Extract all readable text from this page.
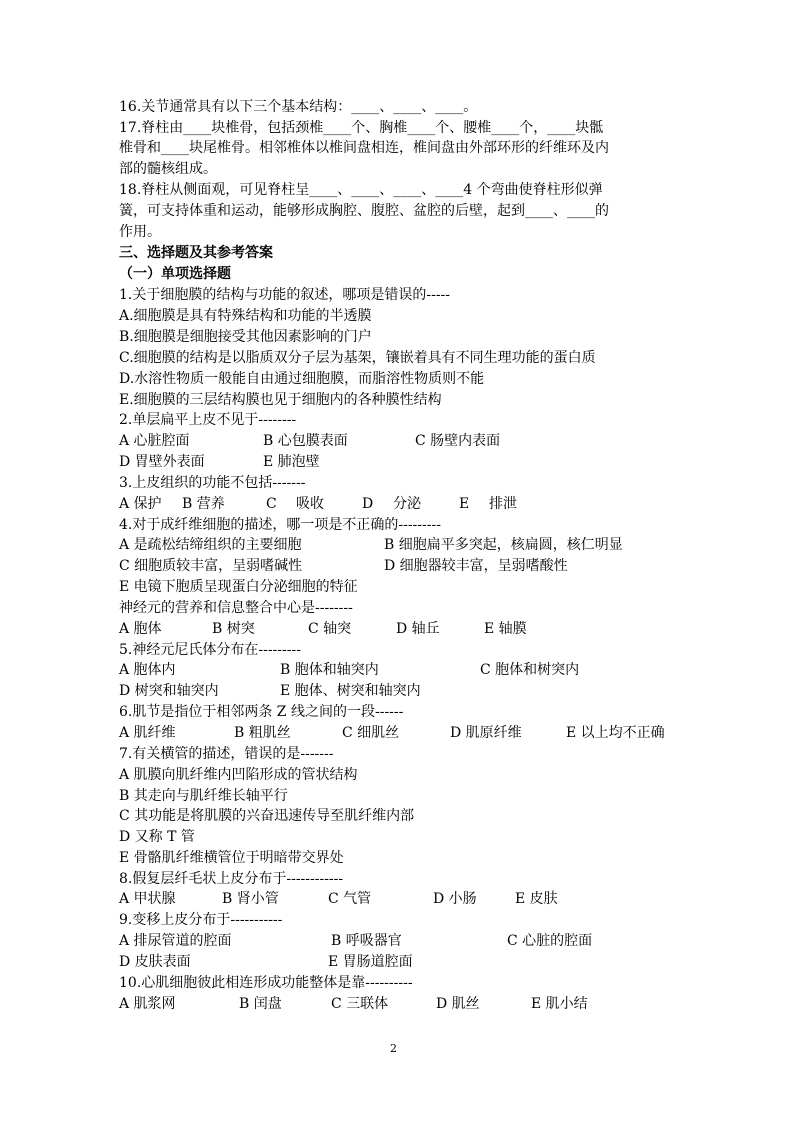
16.关节通常具有以下三个基本结构：____、____、____。
17.脊柱由____块椎骨，包括颈椎____个、胸椎____个、腰椎____个，____块骶
椎骨和____块尾椎骨。相邻椎体以椎间盘相连，椎间盘由外部环形的纤维环及内
部的髓核组成。
18.脊柱从侧面观，可见脊柱呈____、____、____、____4 个弯曲使脊柱形似弹
簧，可支持体重和运动，能够形成胸腔、腹腔、盆腔的后壁，起到____、____的
作用。
三、选择题及其参考答案
（一）单项选择题
1.关于细胞膜的结构与功能的叙述，哪项是错误的-----
A.细胞膜是具有特殊结构和功能的半透膜
B.细胞膜是细胞接受其他因素影响的门户
C.细胞膜的结构是以脂质双分子层为基架，镶嵌着具有不同生理功能的蛋白质
D.水溶性物质一般能自由通过细胞膜，而脂溶性物质则不能
E.细胞膜的三层结构膜也见于细胞内的各种膜性结构
2.单层扁平上皮不见于--------
A 心脏腔面	B 心包膜表面	C 肠壁内表面
D 胃壁外表面	E 肺泡壁
3.上皮组织的功能不包括-------
A 保护 B 营养	C 吸收	D 分泌	E 排泄
4.对于成纤维细胞的描述，哪一项是不正确的---------
A 是疏松结缔组织的主要细胞	B 细胞扁平多突起，核扁圆，核仁明显
C 细胞质较丰富，呈弱嗜碱性	D 细胞器较丰富，呈弱嗜酸性
E 电镜下胞质呈现蛋白分泌细胞的特征
神经元的营养和信息整合中心是--------
A 胞体	B 树突	C 轴突	D 轴丘	E 轴膜
5.神经元尼氏体分布在---------
A 胞体内	B 胞体和轴突内	C 胞体和树突内
D 树突和轴突内	E 胞体、树突和轴突内
6.肌节是指位于相邻两条 Z 线之间的一段------
A 肌纤维	B 粗肌丝	C 细肌丝	D 肌原纤维	E 以上均不正确
7.有关横管的描述，错误的是-------
A 肌膜向肌纤维内凹陷形成的管状结构
B 其走向与肌纤维长轴平行
C 其功能是将肌膜的兴奋迅速传导至肌纤维内部
D 又称 T 管
E 骨骼肌纤维横管位于明暗带交界处
8.假复层纤毛状上皮分布于------------
A 甲状腺	B 肾小管	C 气管	D 小肠	E 皮肤
9.变移上皮分布于-----------
A 排尿管道的腔面	B 呼吸器官	C 心脏的腔面
D 皮肤表面	E 胃肠道腔面
10.心肌细胞彼此相连形成功能整体是靠----------
A 肌浆网	B 闰盘	C 三联体	D 肌丝	E 肌小结
2
